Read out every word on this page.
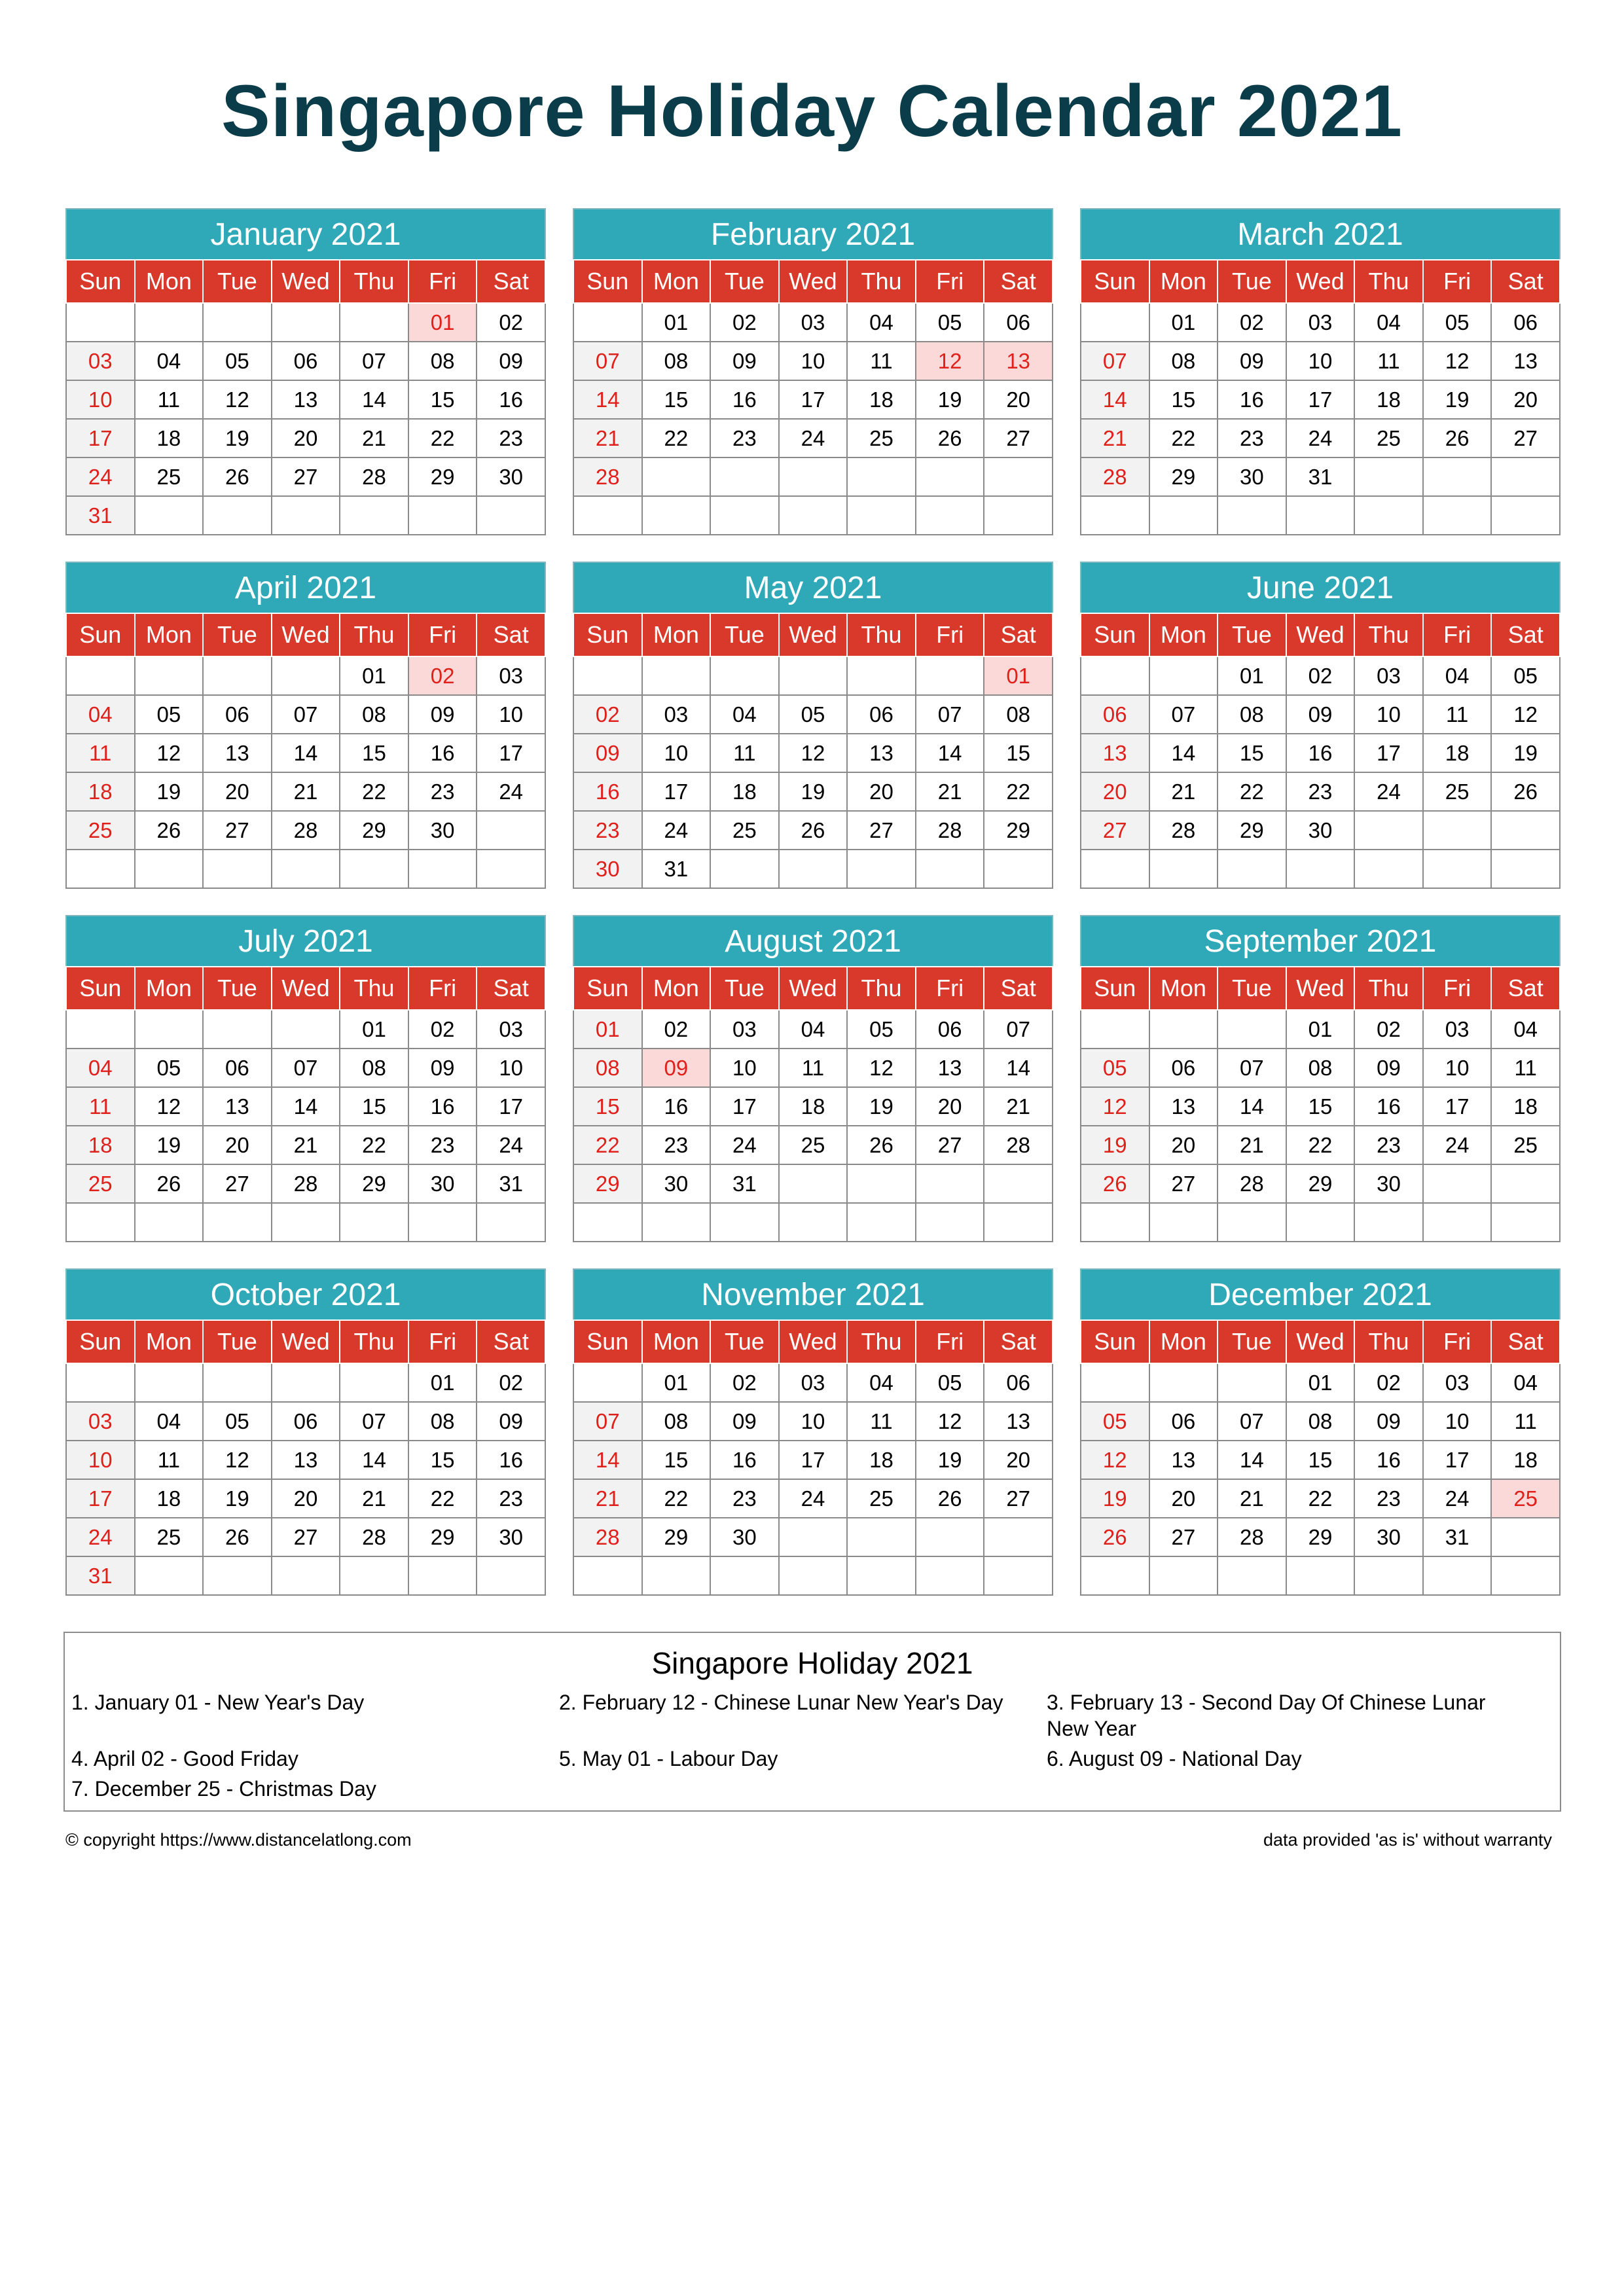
Singapore Holiday Calendar 2021
January 2021
Sun	Mon	Tue	Wed	Thu	Fri	Sat
					01	02
03	04	05	06	07	08	09
10	11	12	13	14	15	16
17	18	19	20	21	22	23
24	25	26	27	28	29	30
31						
February 2021
Sun	Mon	Tue	Wed	Thu	Fri	Sat
	01	02	03	04	05	06
07	08	09	10	11	12	13
14	15	16	17	18	19	20
21	22	23	24	25	26	27
28						

March 2021
Sun	Mon	Tue	Wed	Thu	Fri	Sat
	01	02	03	04	05	06
07	08	09	10	11	12	13
14	15	16	17	18	19	20
21	22	23	24	25	26	27
28	29	30	31			

April 2021
Sun	Mon	Tue	Wed	Thu	Fri	Sat
				01	02	03
04	05	06	07	08	09	10
11	12	13	14	15	16	17
18	19	20	21	22	23	24
25	26	27	28	29	30	

May 2021
Sun	Mon	Tue	Wed	Thu	Fri	Sat
						01
02	03	04	05	06	07	08
09	10	11	12	13	14	15
16	17	18	19	20	21	22
23	24	25	26	27	28	29
30	31					
June 2021
Sun	Mon	Tue	Wed	Thu	Fri	Sat
		01	02	03	04	05
06	07	08	09	10	11	12
13	14	15	16	17	18	19
20	21	22	23	24	25	26
27	28	29	30			

July 2021
Sun	Mon	Tue	Wed	Thu	Fri	Sat
				01	02	03
04	05	06	07	08	09	10
11	12	13	14	15	16	17
18	19	20	21	22	23	24
25	26	27	28	29	30	31

August 2021
Sun	Mon	Tue	Wed	Thu	Fri	Sat
01	02	03	04	05	06	07
08	09	10	11	12	13	14
15	16	17	18	19	20	21
22	23	24	25	26	27	28
29	30	31				

September 2021
Sun	Mon	Tue	Wed	Thu	Fri	Sat
			01	02	03	04
05	06	07	08	09	10	11
12	13	14	15	16	17	18
19	20	21	22	23	24	25
26	27	28	29	30		

October 2021
Sun	Mon	Tue	Wed	Thu	Fri	Sat
					01	02
03	04	05	06	07	08	09
10	11	12	13	14	15	16
17	18	19	20	21	22	23
24	25	26	27	28	29	30
31						
November 2021
Sun	Mon	Tue	Wed	Thu	Fri	Sat
	01	02	03	04	05	06
07	08	09	10	11	12	13
14	15	16	17	18	19	20
21	22	23	24	25	26	27
28	29	30				

December 2021
Sun	Mon	Tue	Wed	Thu	Fri	Sat
			01	02	03	04
05	06	07	08	09	10	11
12	13	14	15	16	17	18
19	20	21	22	23	24	25
26	27	28	29	30	31	

Singapore Holiday 2021
1. January 01 - New Year's Day	2. February 12 - Chinese Lunar New Year's Day	3. February 13 - Second Day Of Chinese Lunar New Year
4. April 02 - Good Friday	5. May 01 - Labour Day	6. August 09 - National Day
7. December 25 - Christmas Day
© copyright https://www.distancelatlong.com	data provided 'as is' without warranty
